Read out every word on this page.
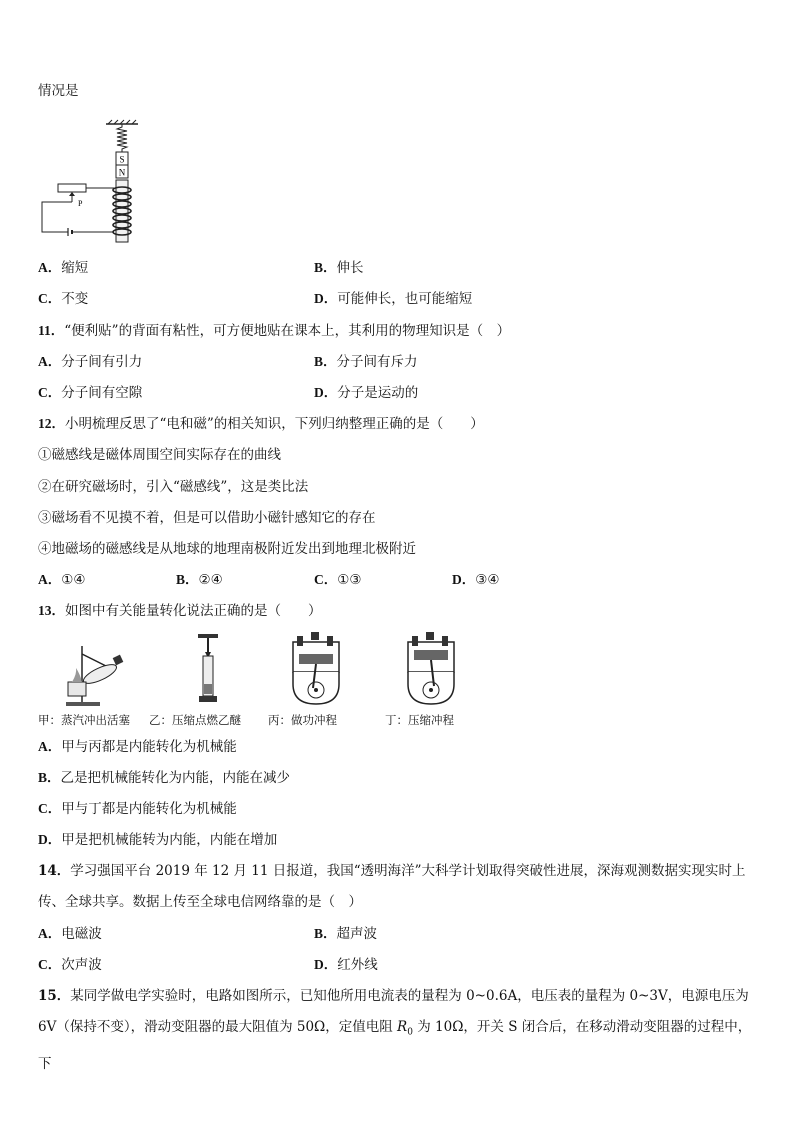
情况是
S
N
P
A．缩短	B．伸长
C．不变	D．可能伸长，也可能缩短
11．“便利贴”的背面有粘性，可方便地贴在课本上，其利用的物理知识是（　）
A．分子间有引力	B．分子间有斥力
C．分子间有空隙	D．分子是运动的
12．小明梳理反思了“电和磁”的相关知识，下列归纳整理正确的是（　　）
①磁感线是磁体周围空间实际存在的曲线
②在研究磁场时，引入“磁感线”，这是类比法
③磁场看不见摸不着，但是可以借助小磁针感知它的存在
④地磁场的磁感线是从地球的地理南极附近发出到地理北极附近
A．①④	B．②④	C．①③	D．③④
13．如图中有关能量转化说法正确的是（　　）
甲：蒸汽冲出活塞 乙：压缩点燃乙醚 丙：做功冲程	丁：压缩冲程
A．甲与丙都是内能转化为机械能
B．乙是把机械能转化为内能，内能在减少
C．甲与丁都是内能转化为机械能
D．甲是把机械能转为内能，内能在增加
14．学习强国平台 2019 年 12 月 11 日报道，我国“透明海洋”大科学计划取得突破性进展，深海观测数据实现实时上传、全球共享。数据上传至全球电信网络靠的是（　）
A．电磁波	B．超声波
C．次声波	D．红外线
15．某同学做电学实验时，电路如图所示，已知他所用电流表的量程为 0~0.6A，电压表的量程为 0~3V，电源电压为 6V（保持不变），滑动变阻器的最大阻值为 50Ω，定值电阻 $R_0$ 为 10Ω，开关 S 闭合后，在移动滑动变阻器的过程中，下
